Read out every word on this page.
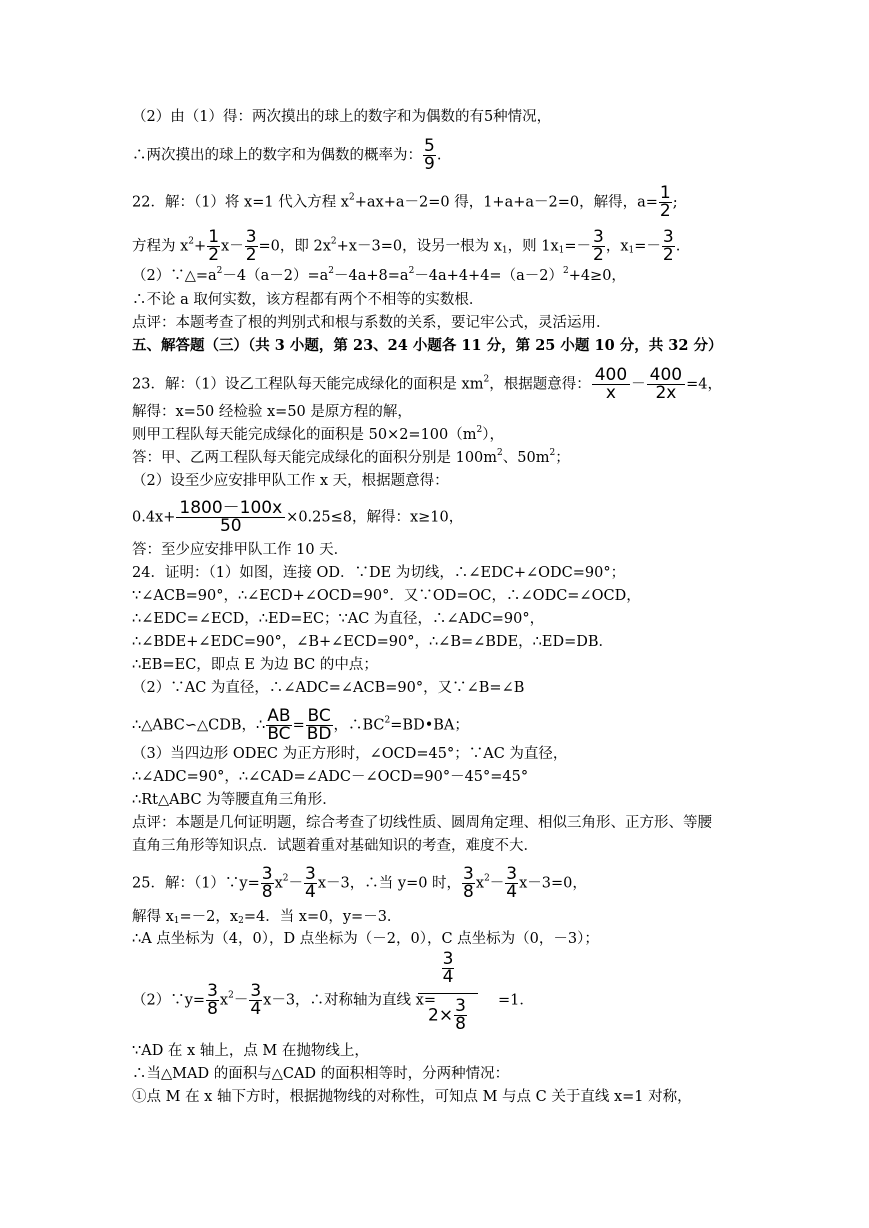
（2）由（1）得：两次摸出的球上的数字和为偶数的有5种情况，
∴两次摸出的球上的数字和为偶数的概率为： $\frac{5}{9}$ .
22．解：（1）将 x=1 代入方程 $x^2+ax+a-2=0$ 得，1+a+a－2=0，解得，$a= \frac{1}{2}$ ;
方程为 $x^2+ \frac{1}{2} x- \frac{3}{2} =0$，即 $2x^2+x-3=0$，设另一根为 $x_1$，则 $1x_1=- \frac{3}{2}$ ，$x_1=- \frac{3}{2}$ .
$(2)\because\triangle=a^2-4(a-2)=a^2-4a+8=a^2-4a+4+4=(a-2)^2+4\ge 0$，
∴不论 a 取何实数，该方程都有两个不相等的实数根．
点评：本题考查了根的判别式和根与系数的关系，要记牢公式，灵活运用．
五、解答题（三）（共 3 小题，第 23、24 小题各 11 分，第 25 小题 10 分，共 32 分）
23．解：（1）设乙工程队每天能完成绿化的面积是 $xm^2$，根据题意得： $\frac{400}{x} - \frac{400}{2x} =4$，
解得：x=50 经检验 x=50 是原方程的解，
则甲工程队每天能完成绿化的面积是 $50\times 2=100(m^2)$，
答：甲、乙两工程队每天能完成绿化的面积分别是 $100m^2$、$50m^2$；
（2）设至少应安排甲队工作 x 天，根据题意得：
$0.4x+ \frac{1800-100x}{50} \times 0.25\le 8$，解得：x≥10，
答：至少应安排甲队工作 10 天．
24．证明：（1）如图，连接 OD．∵DE 为切线，∴∠EDC+∠ODC=90°；
∵∠ACB=90°，∴∠ECD+∠OCD=90°．又∵OD=OC，∴∠ODC=∠OCD，
∴∠EDC=∠ECD，∴ED=EC；∵AC 为直径，∴∠ADC=90°，
∴∠BDE+∠EDC=90°，∠B+∠ECD=90°，∴∠B=∠BDE，∴ED=DB．
∴EB=EC，即点 E 为边 BC 的中点；
（2）∵AC 为直径，∴∠ADC=∠ACB=90°，又∵∠B=∠B
∴△ABC∽△CDB，∴ $\frac{AB}{BC} = \frac{BC}{BD}$ ，$\therefore BC^2=BD•BA$；
（3）当四边形 ODEC 为正方形时，∠OCD=45°；∵AC 为直径，
∴∠ADC=90°，∴∠CAD=∠ADC－∠OCD=90°－45°=45°
∴Rt△ABC 为等腰直角三角形．
点评：本题是几何证明题，综合考查了切线性质、圆周角定理、相似三角形、正方形、等腰
直角三角形等知识点．试题着重对基础知识的考查，难度不大．
25．解：（1）∵y= $\frac{3}{8} x^2- \frac{3}{4} x-3$，∴当 y=0 时， $\frac{3}{8} x^2- \frac{3}{4} x-3=0$，
解得 $x_1=-2$，$x_2=4$．当 x=0，y=－3．
∴A 点坐标为（4，0），D 点坐标为（－2，0），C 点坐标为（0，－3）；
（2）∵y= $\frac{3}{8} x^2- \frac{3}{4} x-3$，∴对称轴为直线 x=	=1．
$\frac{3}{4}$
$2\times \frac{3}{8}$
∵AD 在 x 轴上，点 M 在抛物线上，
∴当△MAD 的面积与△CAD 的面积相等时，分两种情况：
①点 M 在 x 轴下方时，根据抛物线的对称性，可知点 M 与点 C 关于直线 x=1 对称，
